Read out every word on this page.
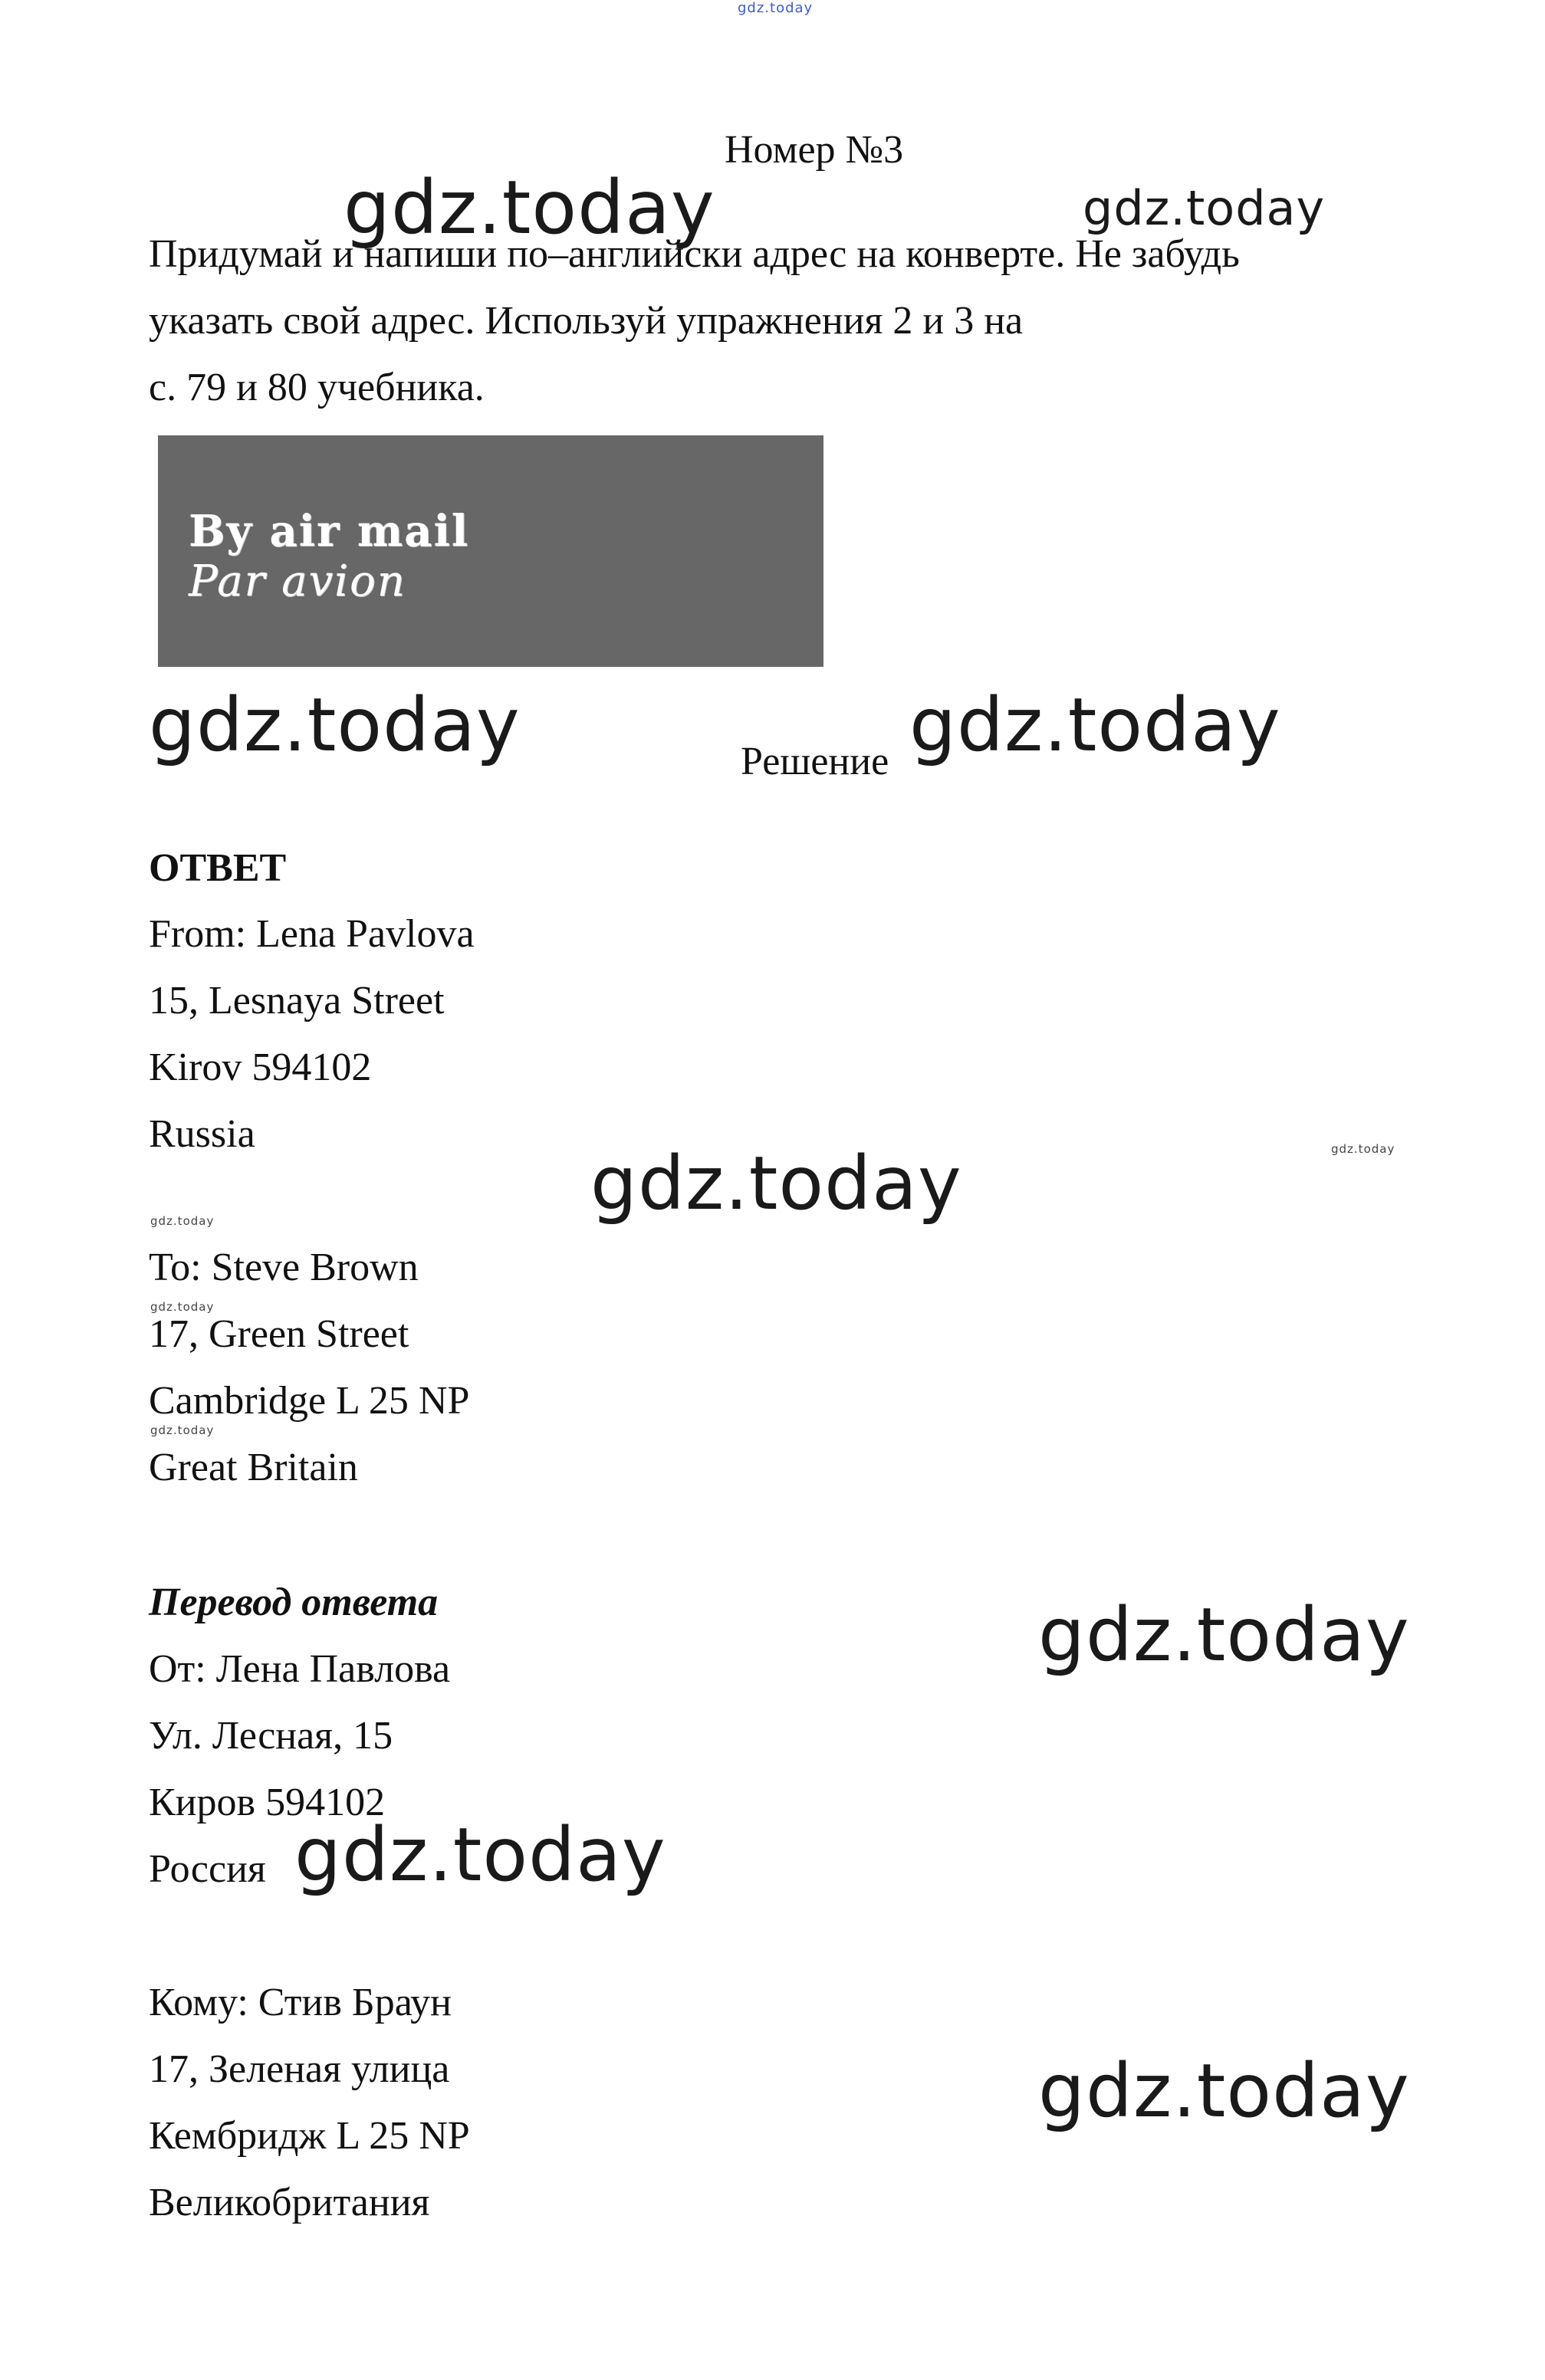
gdz.today
Номер №3
gdz.today	gdz.today
Придумай и напиши по–английски адрес на конверте. Не забудь
указать свой адрес. Используй упражнения 2 и 3 на
с. 79 и 80 учебника.
By air mail
Par avion
gdz.today	Решение gdz.today
ОТВЕТ
From: Lena Pavlova
15, Lesnaya Street
Kirov 594102
Russia
gdz.today	gdz.today
gdz.today
To: Steve Brown
gdz.today
17, Green Street
Cambridge L 25 NP
gdz.today
Great Britain
Перевод ответа	gdz.today
От: Лена Павлова
Ул. Лесная, 15
Киров 594102
Россия gdz.today
Кому: Стив Браун
17, Зеленая улица	gdz.today
Кембридж L 25 NP
Великобритания
